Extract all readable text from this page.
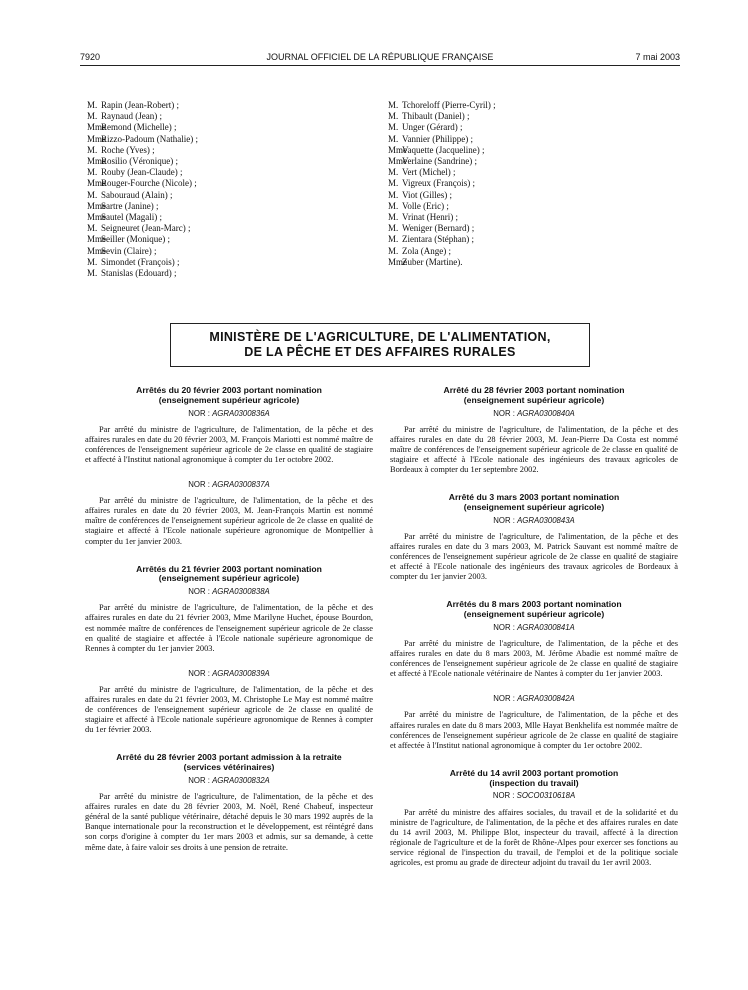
7920	JOURNAL OFFICIEL DE LA RÉPUBLIQUE FRANÇAISE	7 mai 2003
M. Rapin (Jean-Robert) ;
M. Raynaud (Jean) ;
MmeRemond (Michelle) ;
MmeRizzo-Padoum (Nathalie) ;
M. Roche (Yves) ;
MmeRosilio (Véronique) ;
M. Rouby (Jean-Claude) ;
MmeRouger-Fourche (Nicole) ;
M. Sabouraud (Alain) ;
MmeSartre (Janine) ;
MmeSautel (Magali) ;
M. Seigneuret (Jean-Marc) ;
MmeSeiller (Monique) ;
MmeSevin (Claire) ;
M. Simondet (François) ;
M. Stanislas (Edouard) ;
M. Tchoreloff (Pierre-Cyril) ;
M. Thibault (Daniel) ;
M. Unger (Gérard) ;
M. Vannier (Philippe) ;
MmeVaquette (Jacqueline) ;
MmeVerlaine (Sandrine) ;
M. Vert (Michel) ;
M. Vigreux (François) ;
M. Viot (Gilles) ;
M. Volle (Eric) ;
M. Vrinat (Henri) ;
M. Weniger (Bernard) ;
M. Zientara (Stéphan) ;
M. Zola (Ange) ;
MmeZuber (Martine).
MINISTÈRE DE L'AGRICULTURE, DE L'ALIMENTATION,
DE LA PÊCHE ET DES AFFAIRES RURALES

Arrêtés du 20 février 2003 portant nomination
(enseignement supérieur agricole)

NOR : AGRA0300836A

Par arrêté du ministre de l'agriculture, de l'alimentation, de la pêche et des affaires rurales en date du 20 février 2003, M. François Mariotti est nommé maître de conférences de l'enseignement supérieur agricole de 2e classe en qualité de stagiaire et affecté à l'Institut national agronomique à compter du 1er octobre 2002.

NOR : AGRA0300837A

Par arrêté du ministre de l'agriculture, de l'alimentation, de la pêche et des affaires rurales en date du 20 février 2003, M. Jean-François Martin est nommé maître de conférences de l'enseignement supérieur agricole de 2e classe en qualité de stagiaire et affecté à l'Ecole nationale supérieure agronomique de Montpellier à compter du 1er janvier 2003.

Arrêtés du 21 février 2003 portant nomination
(enseignement supérieur agricole)

NOR : AGRA0300838A

Par arrêté du ministre de l'agriculture, de l'alimentation, de la pêche et des affaires rurales en date du 21 février 2003, Mme Marilyne Huchet, épouse Bourdon, est nommée maître de conférences de l'enseignement supérieur agricole de 2e classe en qualité de stagiaire et affectée à l'Ecole nationale supérieure agronomique de Rennes à compter du 1er janvier 2003.

NOR : AGRA0300839A

Par arrêté du ministre de l'agriculture, de l'alimentation, de la pêche et des affaires rurales en date du 21 février 2003, M. Christophe Le May est nommé maître de conférences de l'enseignement supérieur agricole de 2e classe en qualité de stagiaire et affecté à l'Ecole nationale supérieure agronomique de Rennes à compter du 1er février 2003.

Arrêté du 28 février 2003 portant admission à la retraite
(services vétérinaires)

NOR : AGRA0300832A

Par arrêté du ministre de l'agriculture, de l'alimentation, de la pêche et des affaires rurales en date du 28 février 2003, M. Noël, René Chabeuf, inspecteur général de la santé publique vétérinaire, détaché depuis le 30 mars 1992 auprès de la Banque internationale pour la reconstruction et le développement, est réintégré dans son corps d'origine à compter du 1er mars 2003 et admis, sur sa demande, à cette même date, à faire valoir ses droits à une pension de retraite.

Arrêté du 28 février 2003 portant nomination
(enseignement supérieur agricole)

NOR : AGRA0300840A

Par arrêté du ministre de l'agriculture, de l'alimentation, de la pêche et des affaires rurales en date du 28 février 2003, M. Jean-Pierre Da Costa est nommé maître de conférences de l'enseignement supérieur agricole de 2e classe en qualité de stagiaire et affecté à l'Ecole nationale des ingénieurs des travaux agricoles de Bordeaux à compter du 1er septembre 2002.

Arrêté du 3 mars 2003 portant nomination
(enseignement supérieur agricole)

NOR : AGRA0300843A

Par arrêté du ministre de l'agriculture, de l'alimentation, de la pêche et des affaires rurales en date du 3 mars 2003, M. Patrick Sauvant est nommé maître de conférences de l'enseignement supérieur agricole de 2e classe en qualité de stagiaire et affecté à l'Ecole nationale des ingénieurs des travaux agricoles de Bordeaux à compter du 1er janvier 2003.

Arrêtés du 8 mars 2003 portant nomination
(enseignement supérieur agricole)

NOR : AGRA0300841A

Par arrêté du ministre de l'agriculture, de l'alimentation, de la pêche et des affaires rurales en date du 8 mars 2003, M. Jérôme Abadie est nommé maître de conférences de l'enseignement supérieur agricole de 2e classe en qualité de stagiaire et affecté à l'Ecole nationale vétérinaire de Nantes à compter du 1er janvier 2003.

NOR : AGRA0300842A

Par arrêté du ministre de l'agriculture, de l'alimentation, de la pêche et des affaires rurales en date du 8 mars 2003, Mlle Hayat Benkhelifa est nommée maître de conférences de l'enseignement supérieur agricole de 2e classe en qualité de stagiaire et affectée à l'Institut national agronomique à compter du 1er octobre 2002.

Arrêté du 14 avril 2003 portant promotion
(inspection du travail)

NOR : SOCO0310618A

Par arrêté du ministre des affaires sociales, du travail et de la solidarité et du ministre de l'agriculture, de l'alimentation, de la pêche et des affaires rurales en date du 14 avril 2003, M. Philippe Blot, inspecteur du travail, affecté à la direction régionale de l'agriculture et de la forêt de Rhône-Alpes pour exercer ses fonctions au service régional de l'inspection du travail, de l'emploi et de la politique sociale agricoles, est promu au grade de directeur adjoint du travail du 1er avril 2003.
